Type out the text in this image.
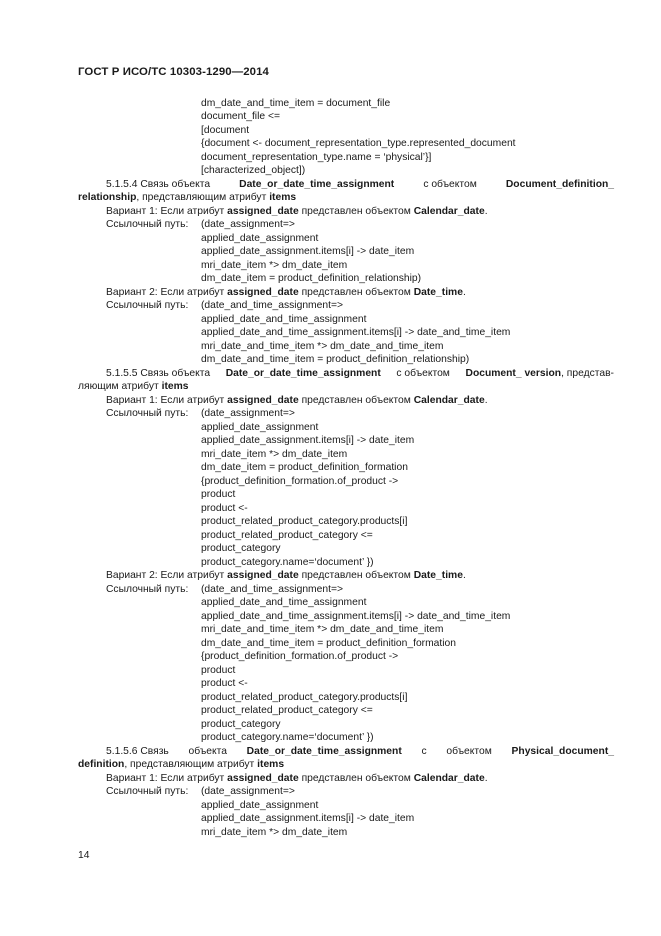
ГОСТ Р ИСО/ТС 10303-1290—2014
dm_date_and_time_item = document_file
document_file <=
[document
{document <- document_representation_type.represented_document
document_representation_type.name = ‘physical’}]
[characterized_object])
5.1.5.4 Связь объекта	Date_or_date_time_assignment	с объектом	Document_definition_
relationship, представляющим атрибут items
Вариант 1: Если атрибут assigned_date представлен объектом Calendar_date.
Ссылочный путь: (date_assignment=>
applied_date_assignment
applied_date_assignment.items[i] -> date_item
mri_date_item *> dm_date_item
dm_date_item = product_definition_relationship)
Вариант 2: Если атрибут assigned_date представлен объектом Date_time.
Ссылочный путь: (date_and_time_assignment=>
applied_date_and_time_assignment
applied_date_and_time_assignment.items[i] -> date_and_time_item
mri_date_and_time_item *> dm_date_and_time_item
dm_date_and_time_item = product_definition_relationship)
5.1.5.5 Связь объекта Date_or_date_time_assignment с объектом Document_ version, представ-
ляющим атрибут items
Вариант 1: Если атрибут assigned_date представлен объектом Calendar_date.
Ссылочный путь: (date_assignment=>
applied_date_assignment
applied_date_assignment.items[i] -> date_item
mri_date_item *> dm_date_item
dm_date_item = product_definition_formation
{product_definition_formation.of_product ->
product
product <-
product_related_product_category.products[i]
product_related_product_category <=
product_category
product_category.name=‘document’ })
Вариант 2: Если атрибут assigned_date представлен объектом Date_time.
Ссылочный путь: (date_and_time_assignment=>
applied_date_and_time_assignment
applied_date_and_time_assignment.items[i] -> date_and_time_item
mri_date_and_time_item *> dm_date_and_time_item
dm_date_and_time_item = product_definition_formation
{product_definition_formation.of_product ->
product
product <-
product_related_product_category.products[i]
product_related_product_category <=
product_category
product_category.name=‘document’ })
5.1.5.6 Связь объекта Date_or_date_time_assignment с объектом Physical_document_
definition, представляющим атрибут items
Вариант 1: Если атрибут assigned_date представлен объектом Calendar_date.
Ссылочный путь: (date_assignment=>
applied_date_assignment
applied_date_assignment.items[i] -> date_item
mri_date_item *> dm_date_item
14
